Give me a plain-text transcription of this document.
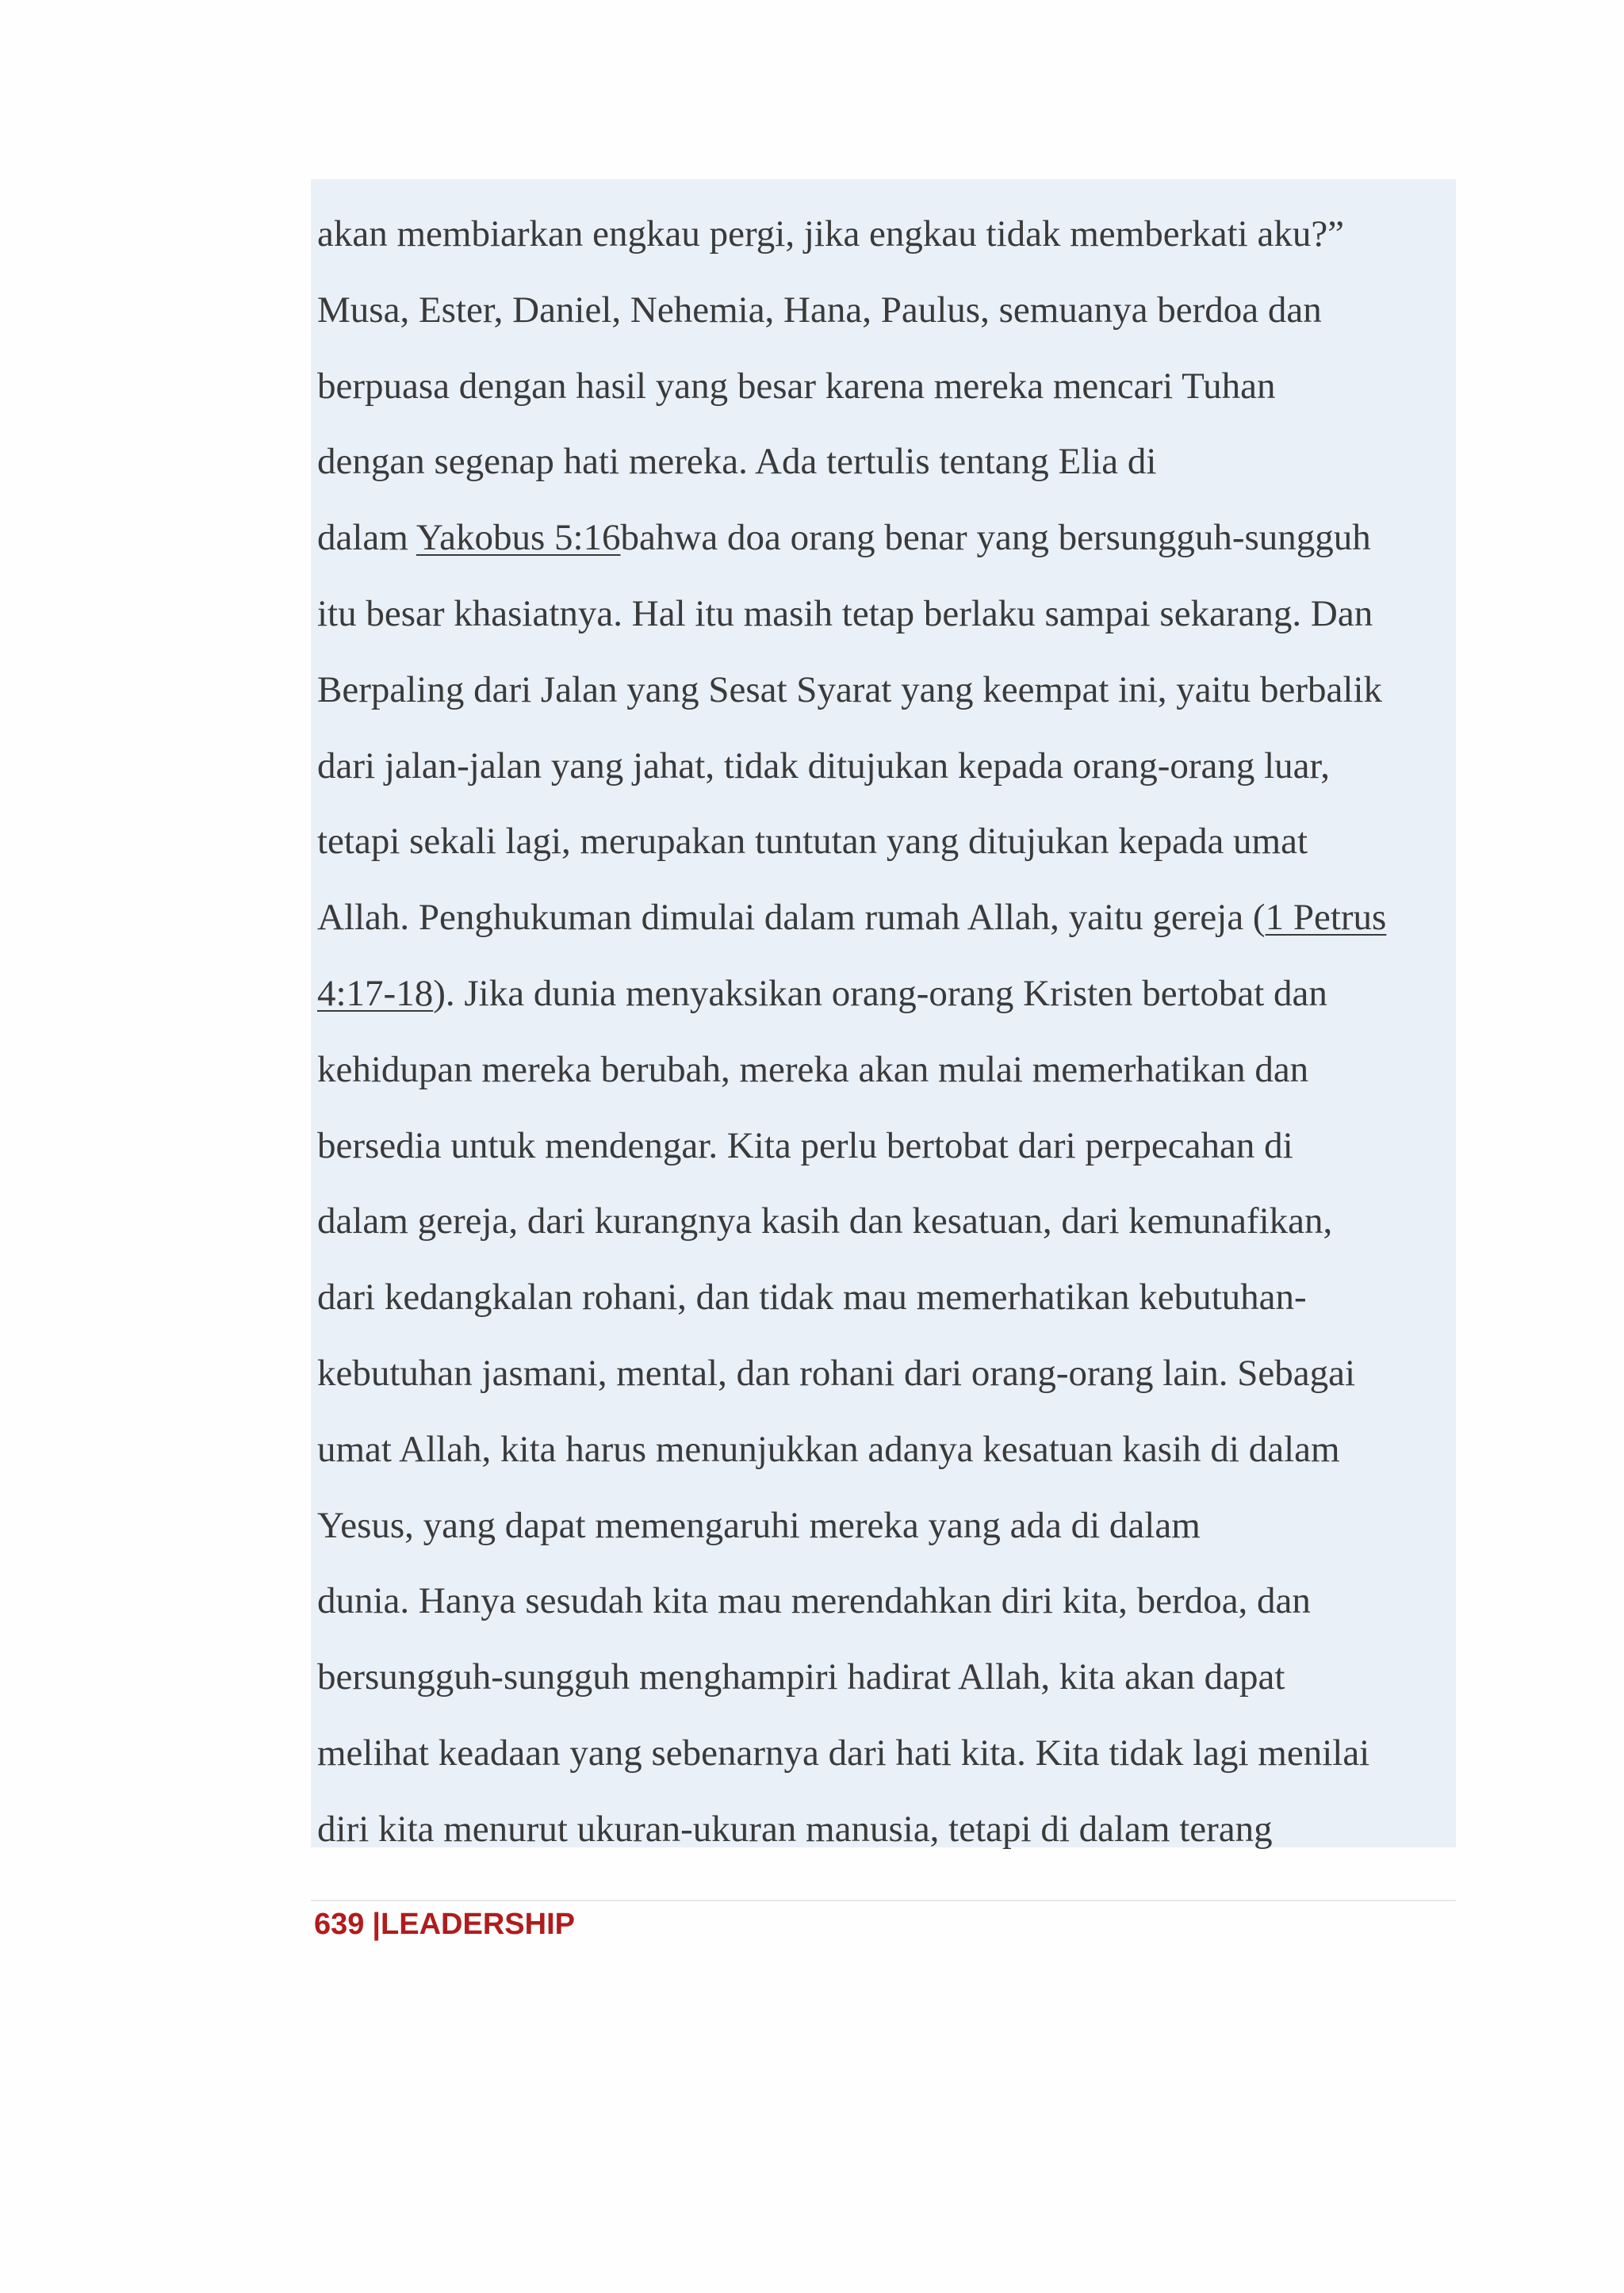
akan membiarkan engkau pergi, jika engkau tidak memberkati aku?”
Musa, Ester, Daniel, Nehemia, Hana, Paulus, semuanya berdoa dan
berpuasa dengan hasil yang besar karena mereka mencari Tuhan
dengan segenap hati mereka. Ada tertulis tentang Elia di
dalam Yakobus 5:16bahwa doa orang benar yang bersungguh-sungguh
itu besar khasiatnya. Hal itu masih tetap berlaku sampai sekarang. Dan
Berpaling dari Jalan yang Sesat Syarat yang keempat ini, yaitu berbalik
dari jalan-jalan yang jahat, tidak ditujukan kepada orang-orang luar,
tetapi sekali lagi, merupakan tuntutan yang ditujukan kepada umat
Allah. Penghukuman dimulai dalam rumah Allah, yaitu gereja (1 Petrus
4:17-18). Jika dunia menyaksikan orang-orang Kristen bertobat dan
kehidupan mereka berubah, mereka akan mulai memerhatikan dan
bersedia untuk mendengar. Kita perlu bertobat dari perpecahan di
dalam gereja, dari kurangnya kasih dan kesatuan, dari kemunafikan,
dari kedangkalan rohani, dan tidak mau memerhatikan kebutuhan-
kebutuhan jasmani, mental, dan rohani dari orang-orang lain. Sebagai
umat Allah, kita harus menunjukkan adanya kesatuan kasih di dalam
Yesus, yang dapat memengaruhi mereka yang ada di dalam
dunia. Hanya sesudah kita mau merendahkan diri kita, berdoa, dan
bersungguh-sungguh menghampiri hadirat Allah, kita akan dapat
melihat keadaan yang sebenarnya dari hati kita. Kita tidak lagi menilai
diri kita menurut ukuran-ukuran manusia, tetapi di dalam terang
639 |LEADERSHIP
